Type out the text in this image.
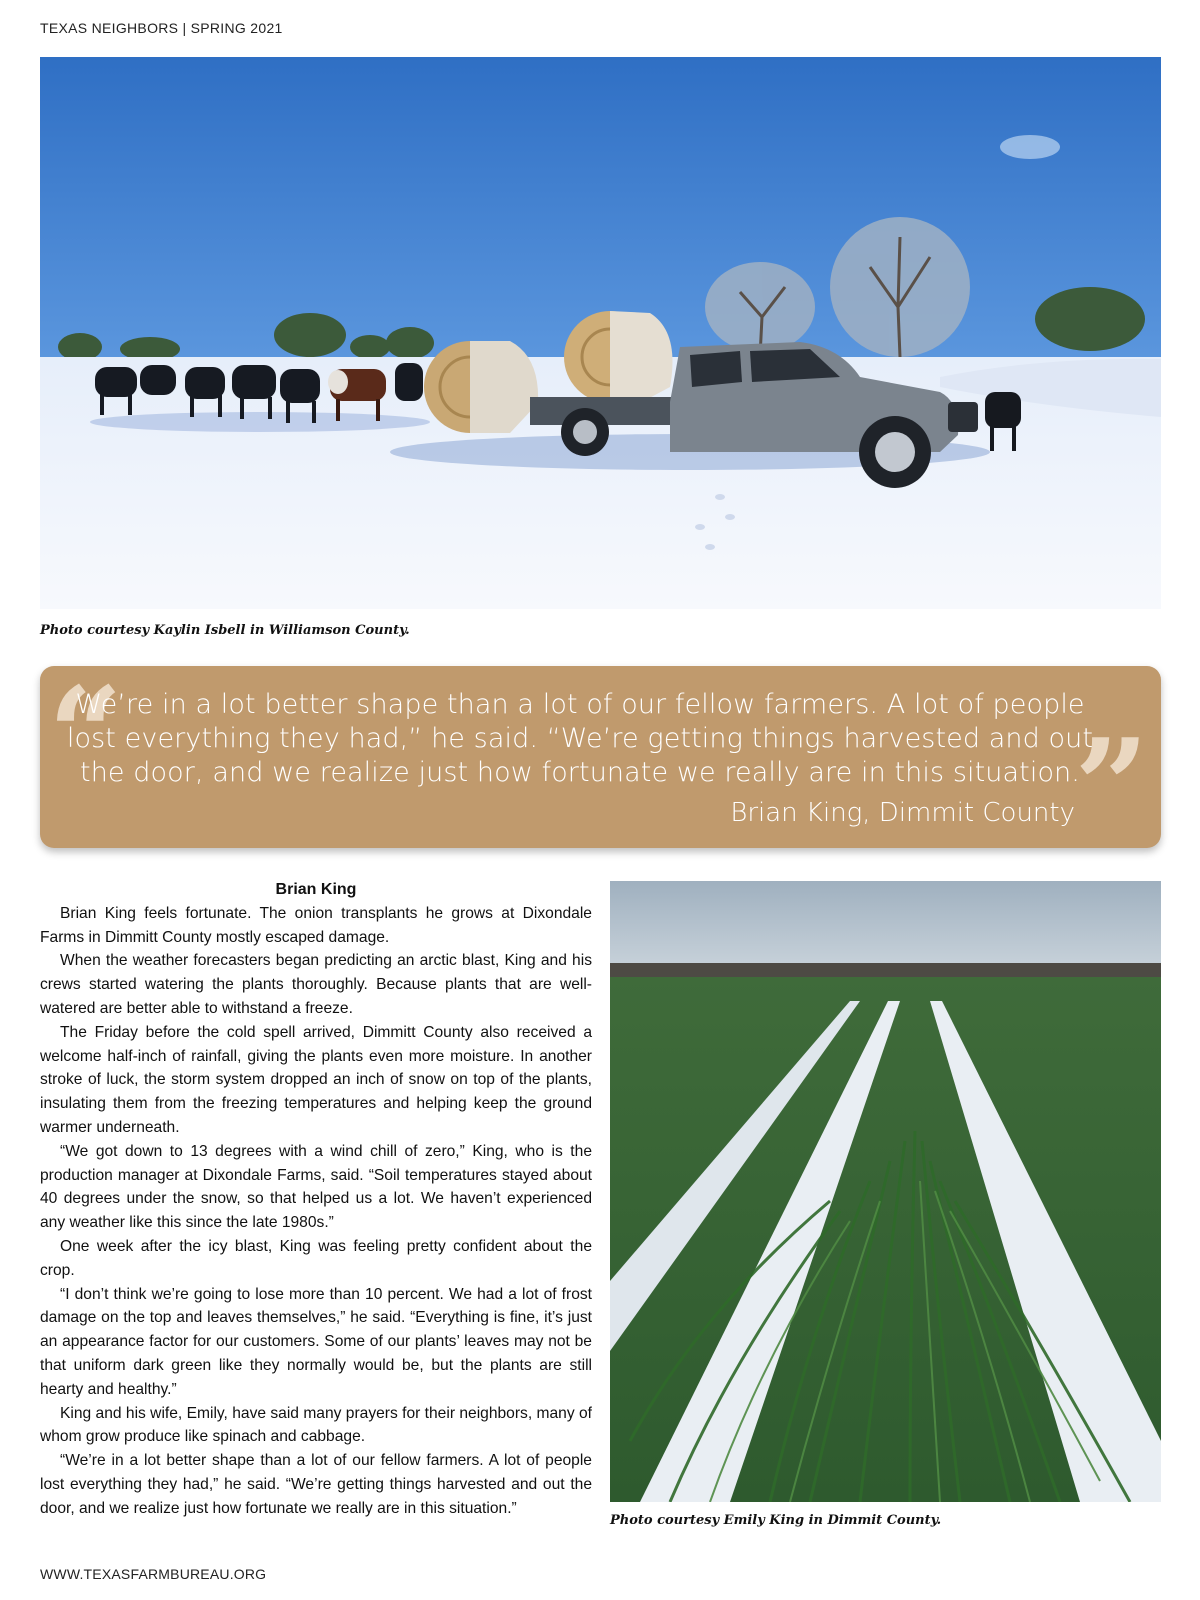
TEXAS NEIGHBORS | SPRING 2021
Photo courtesy Kaylin Isbell in Williamson County.
“	”
We’re in a lot better shape than a lot of our fellow farmers. A lot of people lost everything they had,” he said. “We’re getting things harvested and out the door, and we realize just how fortunate we really are in this situation.
Brian King, Dimmit County
Brian King

Brian King feels fortunate. The onion transplants he grows at Dixondale Farms in Dimmitt County mostly escaped damage.

When the weather forecasters began predicting an arctic blast, King and his crews started watering the plants thoroughly. Because plants that are well-watered are better able to withstand a freeze.

The Friday before the cold spell arrived, Dimmitt County also received a welcome half-inch of rainfall, giving the plants even more moisture. In another stroke of luck, the storm system dropped an inch of snow on top of the plants, insulating them from the freezing temperatures and helping keep the ground warmer underneath.

“We got down to 13 degrees with a wind chill of zero,” King, who is the production manager at Dixondale Farms, said. “Soil temperatures stayed about 40 degrees under the snow, so that helped us a lot. We haven’t experienced any weather like this since the late 1980s.”

One week after the icy blast, King was feeling pretty confident about the crop.

“I don’t think we’re going to lose more than 10 percent. We had a lot of frost damage on the top and leaves themselves,” he said. “Everything is fine, it’s just an appearance factor for our customers. Some of our plants’ leaves may not be that uniform dark green like they normally would be, but the plants are still hearty and healthy.”

King and his wife, Emily, have said many prayers for their neighbors, many of whom grow produce like spinach and cabbage.

“We’re in a lot better shape than a lot of our fellow farmers. A lot of people lost everything they had,” he said. “We’re getting things harvested and out the door, and we realize just how fortunate we really are in this situation.”

Photo courtesy Emily King in Dimmit County.
WWW.TEXASFARMBUREAU.ORG
